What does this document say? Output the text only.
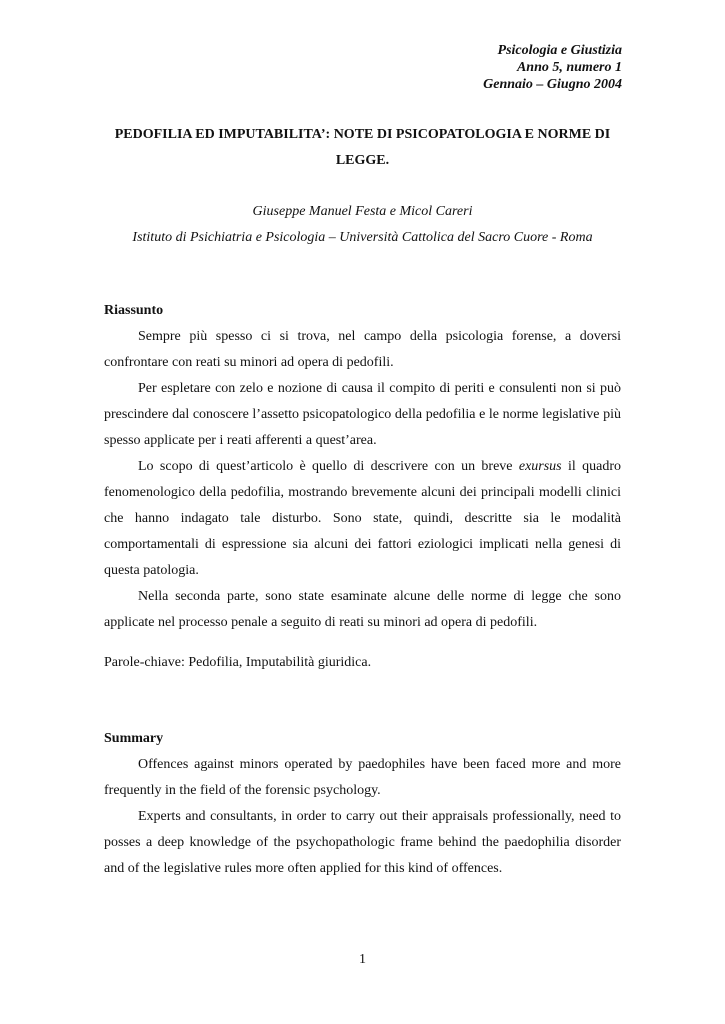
Psicologia e Giustizia
Anno 5, numero 1
Gennaio – Giugno 2004
PEDOFILIA ED IMPUTABILITA’: NOTE DI PSICOPATOLOGIA E NORME DI LEGGE.
Giuseppe Manuel Festa e Micol Careri
Istituto di Psichiatria e Psicologia – Università Cattolica del Sacro Cuore - Roma
Riassunto

Sempre più spesso ci si trova, nel campo della psicologia forense, a doversi confrontare con reati su minori ad opera di pedofili.

Per espletare con zelo e nozione di causa il compito di periti e consulenti non si può prescindere dal conoscere l’assetto psicopatologico della pedofilia e le norme legislative più spesso applicate per i reati afferenti a quest’area.

Lo scopo di quest’articolo è quello di descrivere con un breve exursus il quadro fenomenologico della pedofilia, mostrando brevemente alcuni dei principali modelli clinici che hanno indagato tale disturbo. Sono state, quindi, descritte sia le modalità comportamentali di espressione sia alcuni dei fattori eziologici implicati nella genesi di questa patologia.

Nella seconda parte, sono state esaminate alcune delle norme di legge che sono applicate nel processo penale a seguito di reati su minori ad opera di pedofili.

Parole-chiave: Pedofilia, Imputabilità giuridica.

Summary

Offences against minors operated by paedophiles have been faced more and more frequently in the field of the forensic psychology.

Experts and consultants, in order to carry out their appraisals professionally, need to posses a deep knowledge of the psychopathologic frame behind the paedophilia disorder and of the legislative rules more often applied for this kind of offences.

1
